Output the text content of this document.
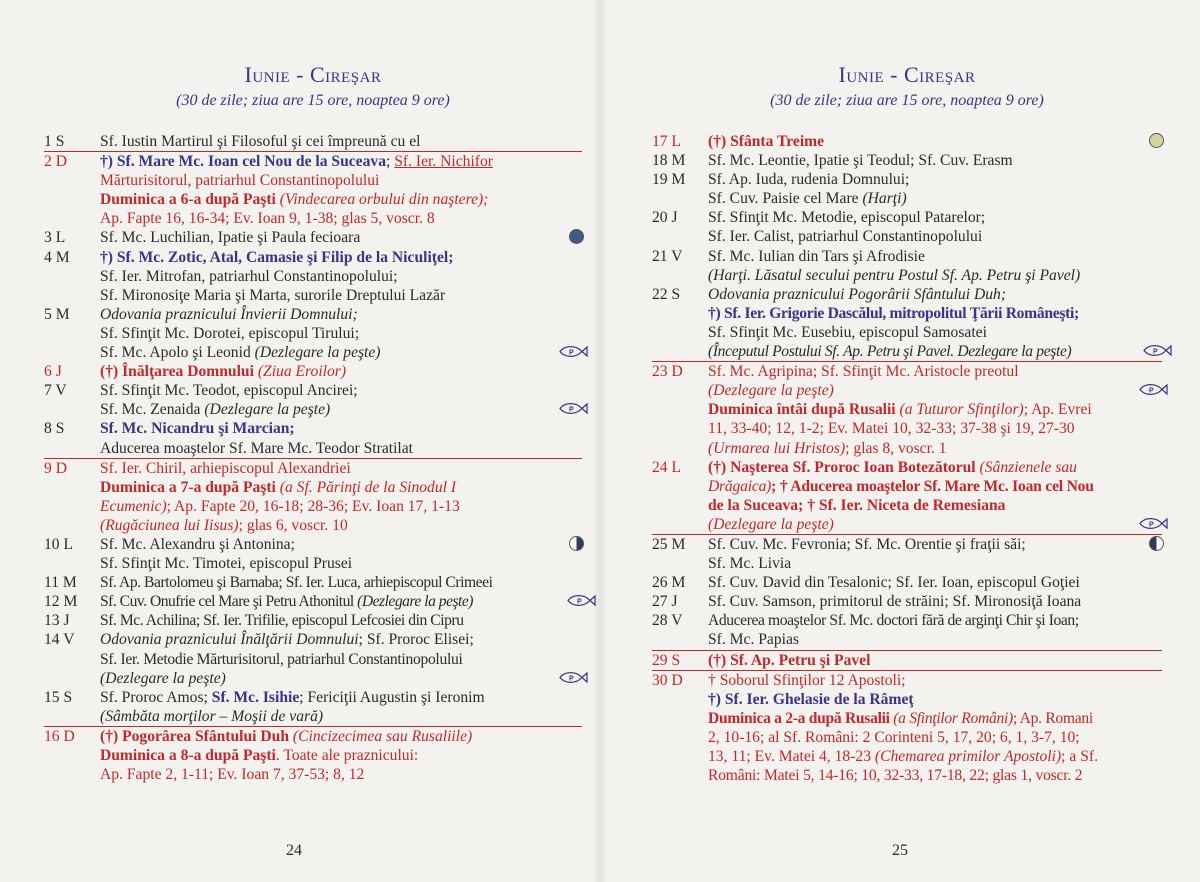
Iunie - Cireşar
(30 de zile; ziua are 15 ore, noaptea 9 ore)
1 S	Sf. Iustin Martirul şi Filosoful şi cei împreună cu el
2 D	†) Sf. Mare Mc. Ioan cel Nou de la Suceava; Sf. Ier. Nichifor
Mărturisitorul, patriarhul Constantinopolului
Duminica a 6-a după Paşti (Vindecarea orbului din naştere);
Ap. Fapte 16, 16-34; Ev. Ioan 9, 1-38; glas 5, voscr. 8
3 L	Sf. Mc. Luchilian, Ipatie şi Paula fecioara
4 M	†) Sf. Mc. Zotic, Atal, Camasie şi Filip de la Niculiţel;
Sf. Ier. Mitrofan, patriarhul Constantinopolului;
Sf. Mironosiţe Maria şi Marta, surorile Dreptului Lazăr
5 M	Odovania praznicului Învierii Domnului;
Sf. Sfinţit Mc. Dorotei, episcopul Tirului;
Sf. Mc. Apolo şi Leonid (Dezlegare la peşte)
6 J	(†) Înălţarea Domnului (Ziua Eroilor)
7 V	Sf. Sfinţit Mc. Teodot, episcopul Ancirei;
Sf. Mc. Zenaida (Dezlegare la peşte)
8 S	Sf. Mc. Nicandru şi Marcian;
Aducerea moaştelor Sf. Mare Mc. Teodor Stratilat
9 D	Sf. Ier. Chiril, arhiepiscopul Alexandriei
Duminica a 7-a după Paşti (a Sf. Părinţi de la Sinodul I
Ecumenic); Ap. Fapte 20, 16-18; 28-36; Ev. Ioan 17, 1-13
(Rugăciunea lui Iisus); glas 6, voscr. 10
10 L	Sf. Mc. Alexandru şi Antonina;
Sf. Sfinţit Mc. Timotei, episcopul Prusei
11 M	Sf. Ap. Bartolomeu şi Barnaba; Sf. Ier. Luca, arhiepiscopul Crimeei
12 M	Sf. Cuv. Onufrie cel Mare şi Petru Athonitul (Dezlegare la peşte)
13 J	Sf. Mc. Achilina; Sf. Ier. Trifilie, episcopul Lefcosiei din Cipru
14 V	Odovania praznicului Înălţării Domnului; Sf. Proroc Elisei;
Sf. Ier. Metodie Mărturisitorul, patriarhul Constantinopolului
(Dezlegare la peşte)
15 S	Sf. Proroc Amos; Sf. Mc. Isihie; Fericiţii Augustin şi Ieronim
(Sâmbăta morţilor – Moşii de vară)
16 D	(†) Pogorârea Sfântului Duh (Cincizecimea sau Rusaliile)
Duminica a 8-a după Paşti. Toate ale praznicului:
Ap. Fapte 2, 1-11; Ev. Ioan 7, 37-53; 8, 12
24
Iunie - Cireşar
(30 de zile; ziua are 15 ore, noaptea 9 ore)
17 L	(†) Sfânta Treime
18 M	Sf. Mc. Leontie, Ipatie şi Teodul; Sf. Cuv. Erasm
19 M	Sf. Ap. Iuda, rudenia Domnului;
Sf. Cuv. Paisie cel Mare (Harţi)
20 J	Sf. Sfinţit Mc. Metodie, episcopul Patarelor;
Sf. Ier. Calist, patriarhul Constantinopolului
21 V	Sf. Mc. Iulian din Tars şi Afrodisie
(Harţi. Lăsatul secului pentru Postul Sf. Ap. Petru şi Pavel)
22 S	Odovania praznicului Pogorârii Sfântului Duh;
†) Sf. Ier. Grigorie Dascălul, mitropolitul Ţării Româneşti;
Sf. Sfinţit Mc. Eusebiu, episcopul Samosatei
(Începutul Postului Sf. Ap. Petru şi Pavel. Dezlegare la peşte)
23 D	Sf. Mc. Agripina; Sf. Sfinţit Mc. Aristocle preotul
(Dezlegare la peşte)
Duminica întâi după Rusalii (a Tuturor Sfinţilor); Ap. Evrei
11, 33-40; 12, 1-2; Ev. Matei 10, 32-33; 37-38 şi 19, 27-30
(Urmarea lui Hristos); glas 8, voscr. 1
24 L	(†) Naşterea Sf. Proroc Ioan Botezătorul (Sânzienele sau
Drăgaica); † Aducerea moaştelor Sf. Mare Mc. Ioan cel Nou
de la Suceava; † Sf. Ier. Niceta de Remesiana
(Dezlegare la peşte)
25 M	Sf. Cuv. Mc. Fevronia; Sf. Mc. Orentie şi fraţii săi;
Sf. Mc. Livia
26 M	Sf. Cuv. David din Tesalonic; Sf. Ier. Ioan, episcopul Goţiei
27 J	Sf. Cuv. Samson, primitorul de străini; Sf. Mironosiţă Ioana
28 V	Aducerea moaştelor Sf. Mc. doctori fără de arginţi Chir şi Ioan;
Sf. Mc. Papias
29 S	(†) Sf. Ap. Petru şi Pavel
30 D	† Soborul Sfinţilor 12 Apostoli;
†) Sf. Ier. Ghelasie de la Râmeţ
Duminica a 2-a după Rusalii (a Sfinţilor Români); Ap. Romani
2, 10-16; al Sf. Români: 2 Corinteni 5, 17, 20; 6, 1, 3-7, 10;
13, 11; Ev. Matei 4, 18-23 (Chemarea primilor Apostoli); a Sf.
Români: Matei 5, 14-16; 10, 32-33, 17-18, 22; glas 1, voscr. 2
25
